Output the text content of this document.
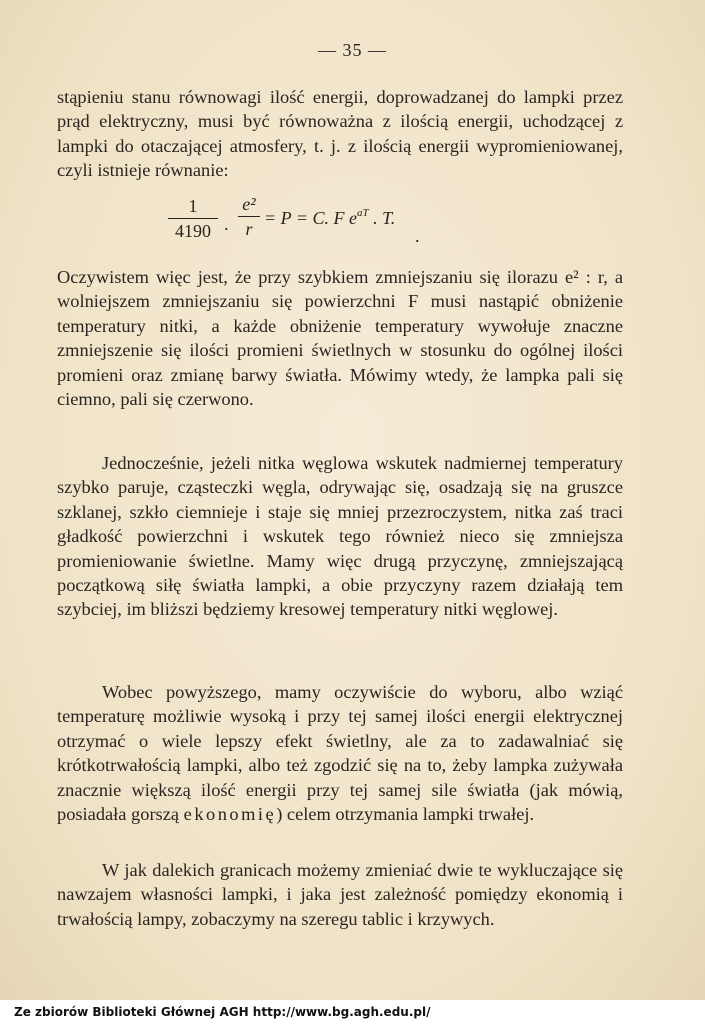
— 35 —

stąpieniu stanu równowagi ilość energii, doprowadzanej do lampki przez prąd elektryczny, musi być równoważna z ilością energii, uchodzącej z lampki do otaczającej atmosfery, t. j. z ilością energii wypromieniowanej, czyli istnieje równanie:

1
4190 .
e²
r
= P = C. F $e^{aT}$ . T.
.

Oczywistem więc jest, że przy szybkiem zmniejszaniu się ilorazu e² : r, a wolniejszem zmniejszaniu się powierzchni F musi nastąpić obniżenie temperatury nitki, a każde obniżenie temperatury wywołuje znaczne zmniejszenie się ilości promieni świetlnych w stosunku do ogólnej ilości promieni oraz zmianę barwy światła. Mówimy wtedy, że lampka pali się ciemno, pali się czerwono.

Jednocześnie, jeżeli nitka węglowa wskutek nadmiernej temperatury szybko paruje, cząsteczki węgla, odrywając się, osadzają się na gruszce szklanej, szkło ciemnieje i staje się mniej przezroczystem, nitka zaś traci gładkość powierzchni i wskutek tego również nieco się zmniejsza promieniowanie świetlne. Mamy więc drugą przyczynę, zmniejszającą początkową siłę światła lampki, a obie przyczyny razem działają tem szybciej, im bliższi będziemy kresowej temperatury nitki węglowej.

Wobec powyższego, mamy oczywiście do wyboru, albo wziąć temperaturę możliwie wysoką i przy tej samej ilości energii elektrycznej otrzymać o wiele lepszy efekt świetlny, ale za to zadawalniać się krótkotrwałością lampki, albo też zgodzić się na to, żeby lampka zużywała znacznie większą ilość energii przy tej samej sile światła (jak mówią, posiadała gorszą ekonomię) celem otrzymania lampki trwałej.

W jak dalekich granicach możemy zmieniać dwie te wykluczające się nawzajem własności lampki, i jaka jest zależność pomiędzy ekonomią i trwałością lampy, zobaczymy na szeregu tablic i krzywych.

Ze zbiorów Biblioteki Głównej AGH http://www.bg.agh.edu.pl/
